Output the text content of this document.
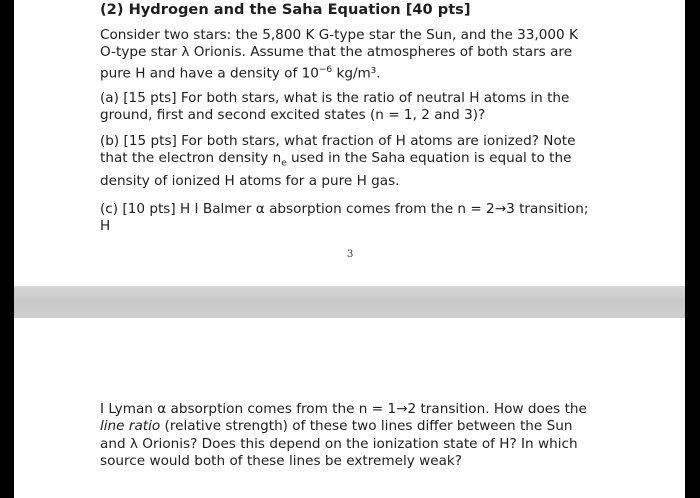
(2) Hydrogen and the Saha Equation [40 pts]

Consider two stars: the 5,800 K G-type star the Sun, and the 33,000 K O-type star λ Orionis. Assume that the atmospheres of both stars are pure H and have a density of $10^{-6}$ kg/m³.

(a) [15 pts] For both stars, what is the ratio of neutral H atoms in the ground, first and second excited states (n = 1, 2 and 3)?

(b) [15 pts] For both stars, what fraction of H atoms are ionized? Note that the electron density $n_e$ used in the Saha equation is equal to the density of ionized H atoms for a pure H gas.

(c) [10 pts] H I Balmer α absorption comes from the n = 2→3 transition; H

3

I Lyman α absorption comes from the n = 1→2 transition. How does the line ratio (relative strength) of these two lines differ between the Sun and λ Orionis? Does this depend on the ionization state of H? In which source would both of these lines be extremely weak?
